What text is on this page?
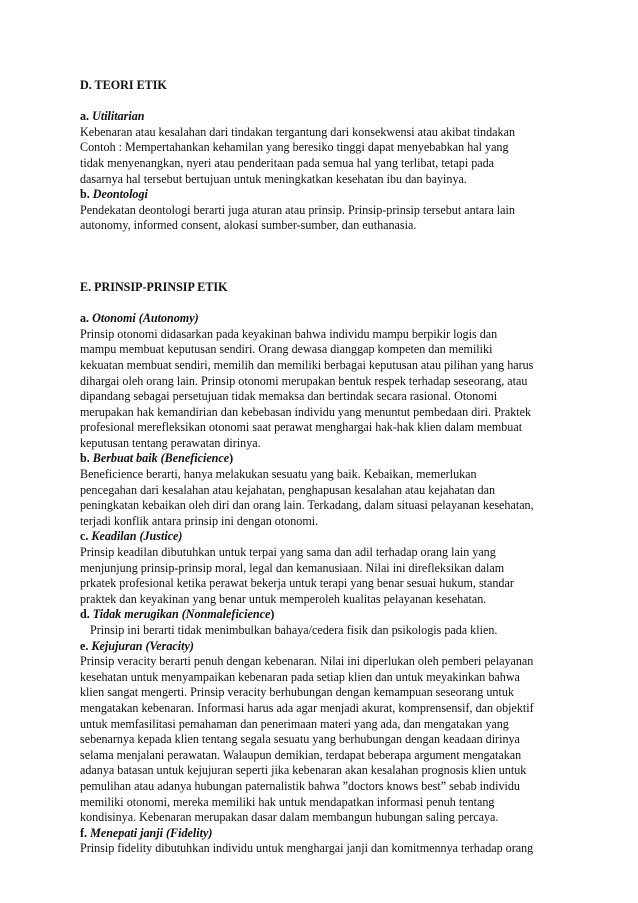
D. TEORI ETIK

a. Utilitarian

Kebenaran atau kesalahan dari tindakan tergantung dari konsekwensi atau akibat tindakan
Contoh : Mempertahankan kehamilan yang beresiko tinggi dapat menyebabkan hal yang
tidak menyenangkan, nyeri atau penderitaan pada semua hal yang terlibat, tetapi pada
dasarnya hal tersebut bertujuan untuk meningkatkan kesehatan ibu dan bayinya.

b. Deontologi

Pendekatan deontologi berarti juga aturan atau prinsip. Prinsip-prinsip tersebut antara lain
autonomy, informed consent, alokasi sumber-sumber, dan euthanasia.

E. PRINSIP-PRINSIP ETIK

a. Otonomi (Autonomy)

Prinsip otonomi didasarkan pada keyakinan bahwa individu mampu berpikir logis dan
mampu membuat keputusan sendiri. Orang dewasa dianggap kompeten dan memiliki
kekuatan membuat sendiri, memilih dan memiliki berbagai keputusan atau pilihan yang harus
dihargai oleh orang lain. Prinsip otonomi merupakan bentuk respek terhadap seseorang, atau
dipandang sebagai persetujuan tidak memaksa dan bertindak secara rasional. Otonomi
merupakan hak kemandirian dan kebebasan individu yang menuntut pembedaan diri. Praktek
profesional merefleksikan otonomi saat perawat menghargai hak-hak klien dalam membuat
keputusan tentang perawatan dirinya.

b. Berbuat baik (Beneficience)

Beneficience berarti, hanya melakukan sesuatu yang baik. Kebaikan, memerlukan
pencegahan dari kesalahan atau kejahatan, penghapusan kesalahan atau kejahatan dan
peningkatan kebaikan oleh diri dan orang lain. Terkadang, dalam situasi pelayanan kesehatan,
terjadi konflik antara prinsip ini dengan otonomi.

c. Keadilan (Justice)

Prinsip keadilan dibutuhkan untuk terpai yang sama dan adil terhadap orang lain yang
menjunjung prinsip-prinsip moral, legal dan kemanusiaan. Nilai ini direfleksikan dalam
prkatek profesional ketika perawat bekerja untuk terapi yang benar sesuai hukum, standar
praktek dan keyakinan yang benar untuk memperoleh kualitas pelayanan kesehatan.

d. Tidak merugikan (Nonmaleficience)

Prinsip ini berarti tidak menimbulkan bahaya/cedera fisik dan psikologis pada klien.

e. Kejujuran (Veracity)

Prinsip veracity berarti penuh dengan kebenaran. Nilai ini diperlukan oleh pemberi pelayanan
kesehatan untuk menyampaikan kebenaran pada setiap klien dan untuk meyakinkan bahwa
klien sangat mengerti. Prinsip veracity berhubungan dengan kemampuan seseorang untuk
mengatakan kebenaran. Informasi harus ada agar menjadi akurat, komprensensif, dan objektif
untuk memfasilitasi pemahaman dan penerimaan materi yang ada, dan mengatakan yang
sebenarnya kepada klien tentang segala sesuatu yang berhubungan dengan keadaan dirinya
selama menjalani perawatan. Walaupun demikian, terdapat beberapa argument mengatakan
adanya batasan untuk kejujuran seperti jika kebenaran akan kesalahan prognosis klien untuk
pemulihan atau adanya hubungan paternalistik bahwa ”doctors knows best” sebab individu
memiliki otonomi, mereka memiliki hak untuk mendapatkan informasi penuh tentang
kondisinya. Kebenaran merupakan dasar dalam membangun hubungan saling percaya.

f. Menepati janji (Fidelity)

Prinsip fidelity dibutuhkan individu untuk menghargai janji dan komitmennya terhadap orang
